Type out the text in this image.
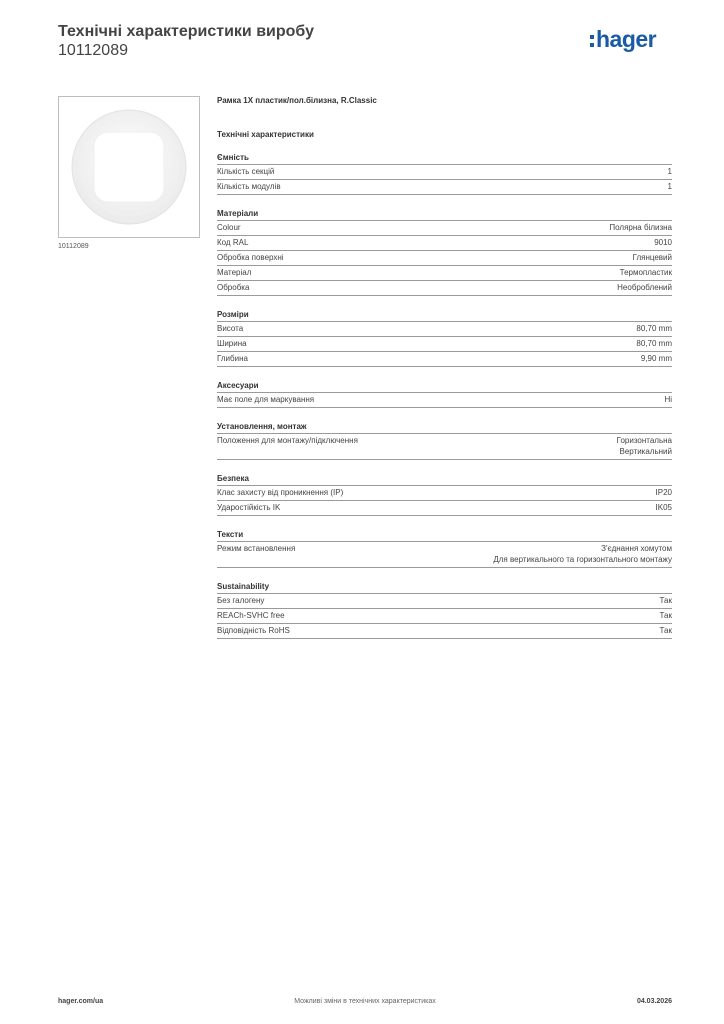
Технічні характеристики виробу
10112089	hager
10112089
Рамка 1Х пластик/пол.білизна, R.Classic
Технічні характеристики
Ємність
Кількість секцій	1
Кількість модулів	1
Матеріали
Colour	Полярна білизна
Код RAL	9010
Обробка поверхні	Глянцевий
Матеріал	Термопластик
Обробка	Необроблений
Розміри
Висота	80,70 mm
Ширина	80,70 mm
Глибина	9,90 mm
Аксесуари
Має поле для маркування	Ні
Установлення, монтаж
Положення для монтажу/підключення	Горизонтальна
Вертикальний
Безпека
Клас захисту від проникнення (IP)	IP20
Ударостійкість IK	IK05
Тексти
Режим встановлення	З'єднання хомутом
Для вертикального та горизонтального монтажу
Sustainability
Без галогену	Так
REACh-SVHC free	Так
Відповідність RoHS	Так
hager.com/ua	Можливі зміни в технічних характеристиках	04.03.2026
